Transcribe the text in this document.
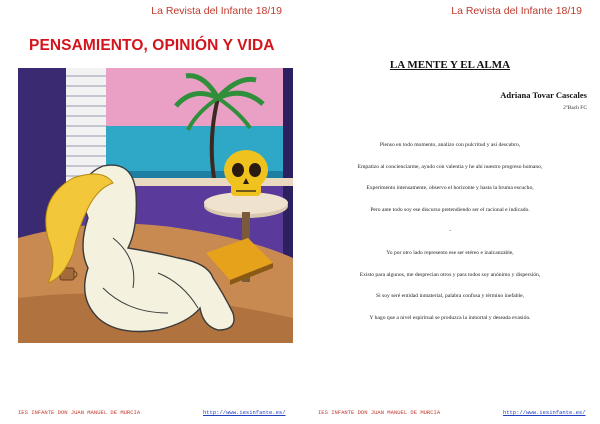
La Revista del Infante 18/19
PENSAMIENTO, OPINIÓN Y VIDA
IES INFANTE DON JUAN MANUEL DE MURCIA	http://www.iesinfante.es/
La Revista del Infante 18/19
LA MENTE Y EL ALMA
Adriana Tovar Cascales
2ºBach FC
Pienso en todo momento, analizo con pulcritud y así descubro,
Empatizo al concienciarme, ayudo con valentía y he ahí nuestro progreso humano,
Experimento intensamente, observo el horizonte y hasta la bruma escucho,
Pero ante todo soy ese discurso pretendiendo ser el racional e indicado.
-
Yo por otro lado represento ese ser etéreo e inalcanzable,
Existo para algunos, me desprecian otros y para todos soy anónimo y dispersión,
Si soy seré entidad inmaterial, palabra confusa y término inefable,
Y hago que a nivel espiritual se produzca la inmortal y deseada evasión.
IES INFANTE DON JUAN MANUEL DE MURCIA	http://www.iesinfante.es/
